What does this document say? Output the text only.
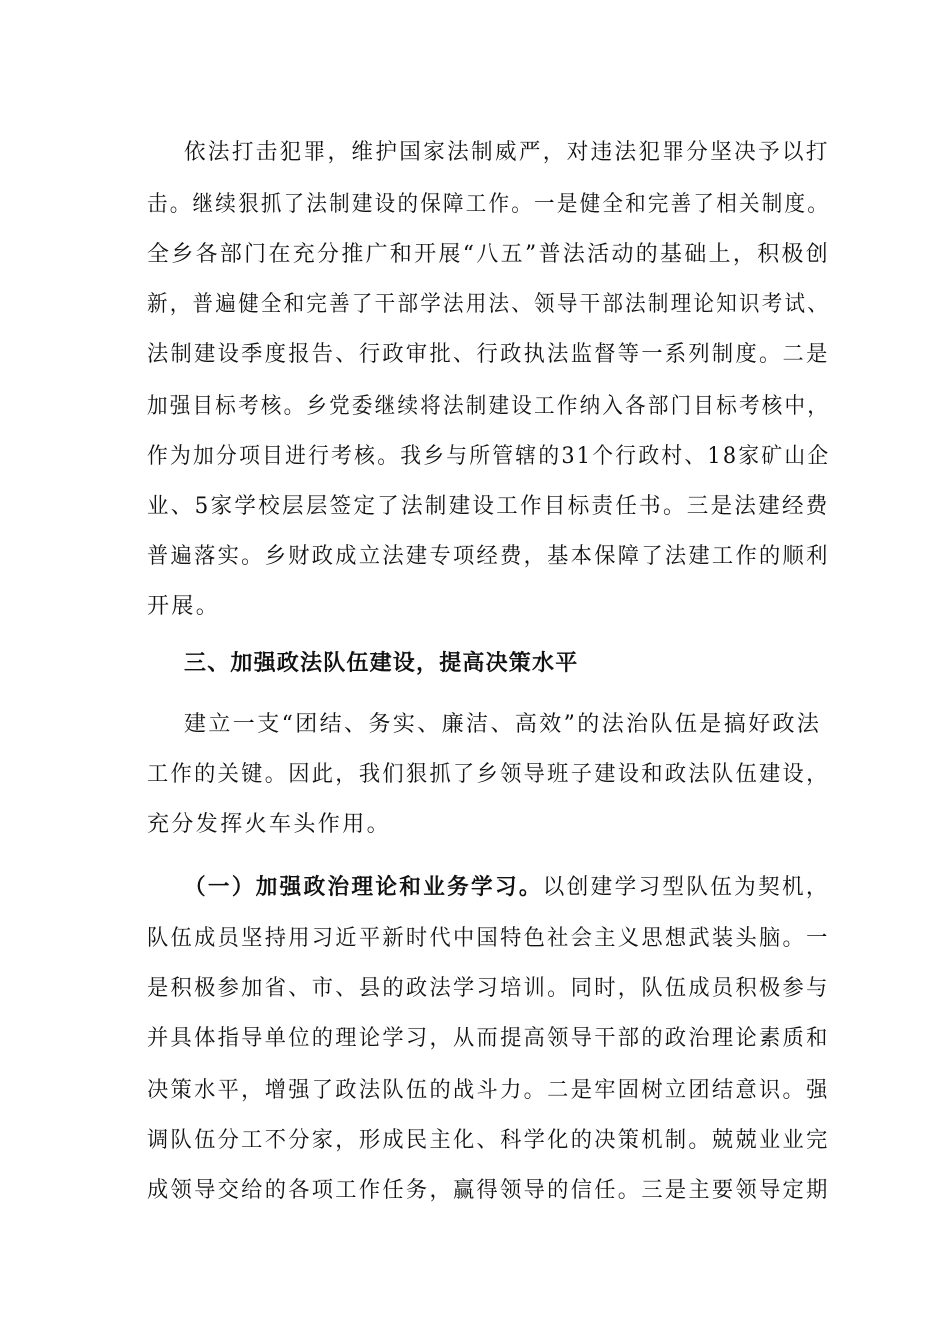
依法打击犯罪，维护国家法制威严，对违法犯罪分坚决予以打
击。继续狠抓了法制建设的保障工作。一是健全和完善了相关制度。
全乡各部门在充分推广和开展“八五”普法活动的基础上，积极创
新，普遍健全和完善了干部学法用法、领导干部法制理论知识考试、
法制建设季度报告、行政审批、行政执法监督等一系列制度。二是
加强目标考核。乡党委继续将法制建设工作纳入各部门目标考核中，
作为加分项目进行考核。我乡与所管辖的31个行政村、18家矿山企
业、5家学校层层签定了法制建设工作目标责任书。三是法建经费
普遍落实。乡财政成立法建专项经费，基本保障了法建工作的顺利
开展。
三、加强政法队伍建设，提高决策水平
建立一支“团结、务实、廉洁、高效”的法治队伍是搞好政法
工作的关键。因此，我们狠抓了乡领导班子建设和政法队伍建设，
充分发挥火车头作用。
（一）加强政治理论和业务学习。以创建学习型队伍为契机，
队伍成员坚持用习近平新时代中国特色社会主义思想武装头脑。一
是积极参加省、市、县的政法学习培训。同时，队伍成员积极参与
并具体指导单位的理论学习，从而提高领导干部的政治理论素质和
决策水平，增强了政法队伍的战斗力。二是牢固树立团结意识。强
调队伍分工不分家，形成民主化、科学化的决策机制。兢兢业业完
成领导交给的各项工作任务，赢得领导的信任。三是主要领导定期
